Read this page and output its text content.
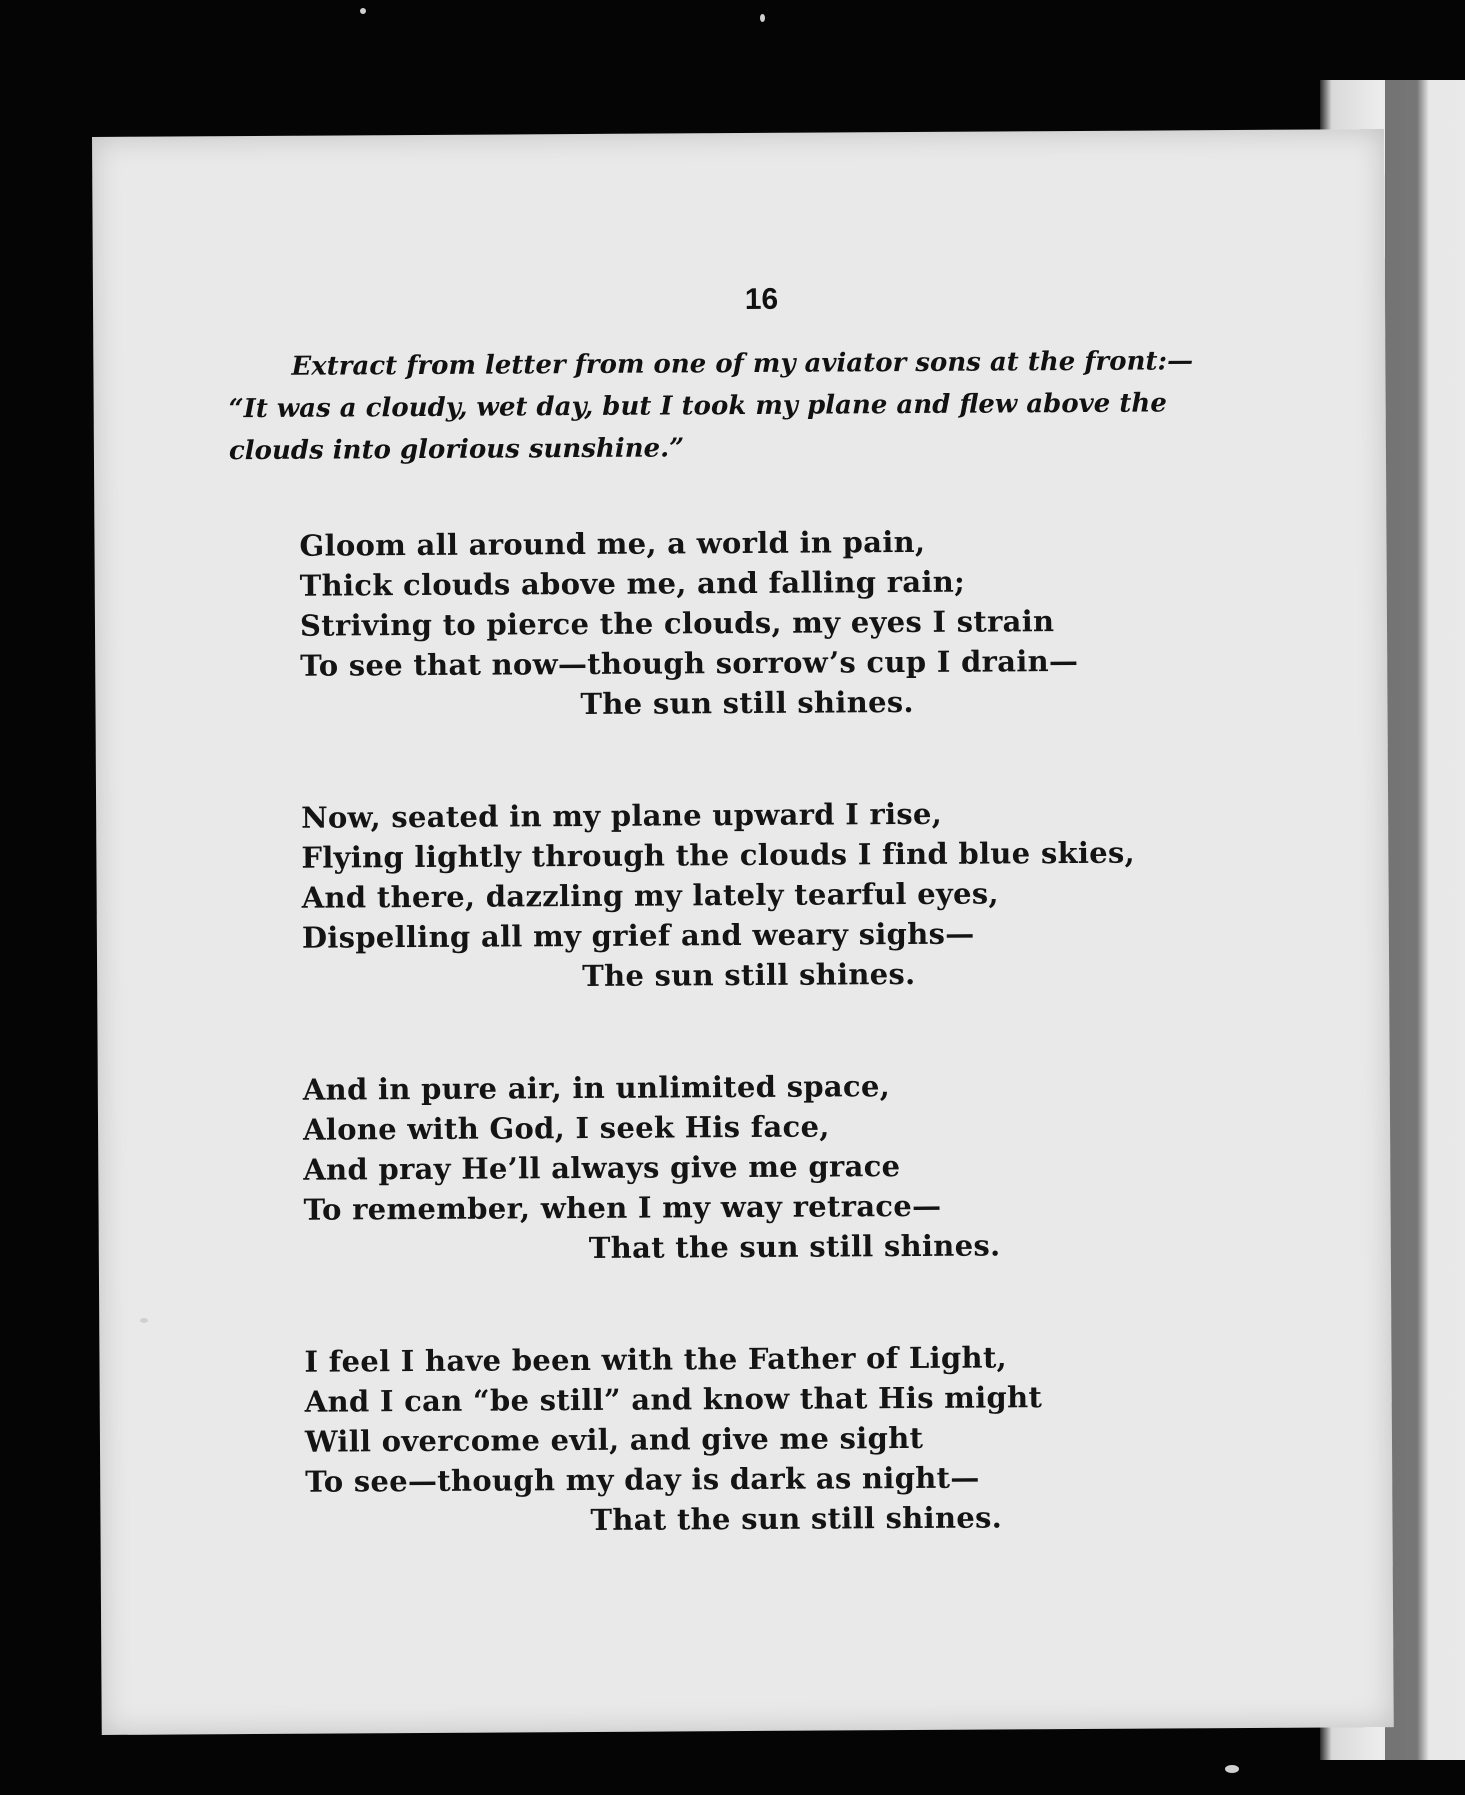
16
Extract from letter from one of my aviator sons at the front:—
“It was a cloudy, wet day, but I took my plane and flew above the
clouds into glorious sunshine.”
Gloom all around me, a world in pain,
Thick clouds above me, and falling rain;
Striving to pierce the clouds, my eyes I strain
To see that now—though sorrow’s cup I drain—
The sun still shines.
Now, seated in my plane upward I rise,
Flying lightly through the clouds I find blue skies,
And there, dazzling my lately tearful eyes,
Dispelling all my grief and weary sighs—
The sun still shines.
And in pure air, in unlimited space,
Alone with God, I seek His face,
And pray He’ll always give me grace
To remember, when I my way retrace—
That the sun still shines.
I feel I have been with the Father of Light,
And I can “be still” and know that His might
Will overcome evil, and give me sight
To see—though my day is dark as night—
That the sun still shines.
